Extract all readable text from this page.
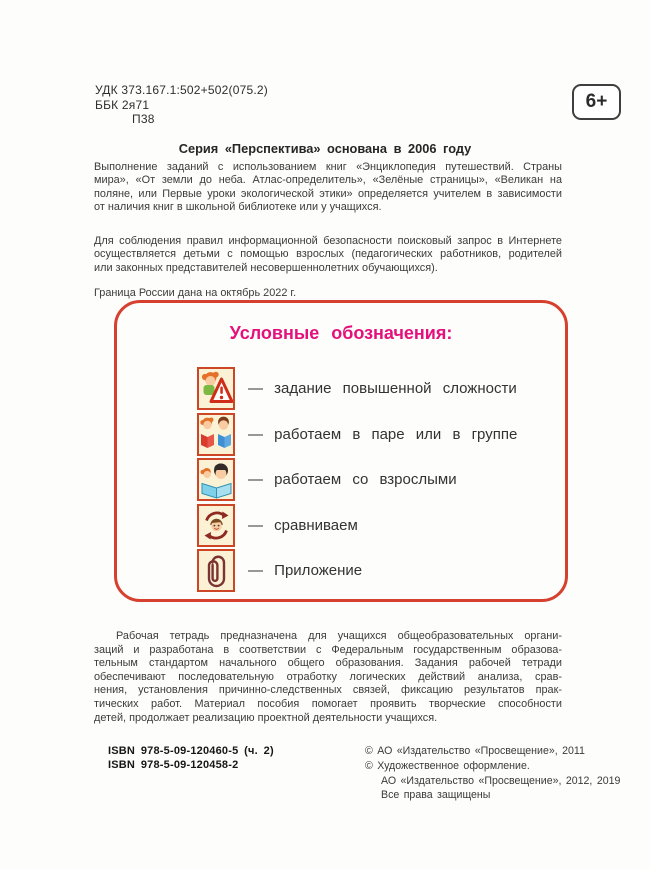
УДК 373.167.1:502+502(075.2)
ББК 2я71
П38
6+
Серия «Перспектива» основана в 2006 году
Выполнение заданий с использованием книг «Энциклопедия путешествий. Страны
мира», «От земли до неба. Атлас-определитель», «Зелёные страницы», «Великан на
поляне, или Первые уроки экологической этики» определяется учителем в зависимости
от наличия книг в школьной библиотеке или у учащихся.
Для соблюдения правил информационной безопасности поисковый запрос в Интернете
осуществляется детьми с помощью взрослых (педагогических работников, родителей
или законных представителей несовершеннолетних обучающихся).
Граница России дана на октябрь 2022 г.
Условные обозначения:
— задание повышенной сложности
— работаем в паре или в группе
— работаем со взрослыми
— сравниваем
— Приложение
Рабочая тетрадь предназначена для учащихся общеобразовательных органи-
заций и разработана в соответствии с Федеральным государственным образова-
тельным стандартом начального общего образования. Задания рабочей тетради
обеспечивают последовательную отработку логических действий анализа, срав-
нения, установления причинно-следственных связей, фиксацию результатов прак-
тических работ. Материал пособия помогает проявить творческие способности
детей, продолжает реализацию проектной деятельности учащихся.
ISBN 978-5-09-120460-5 (ч. 2)
ISBN 978-5-09-120458-2
© АО «Издательство «Просвещение», 2011
© Художественное оформление.
АО «Издательство «Просвещение», 2012, 2019
Все права защищены
